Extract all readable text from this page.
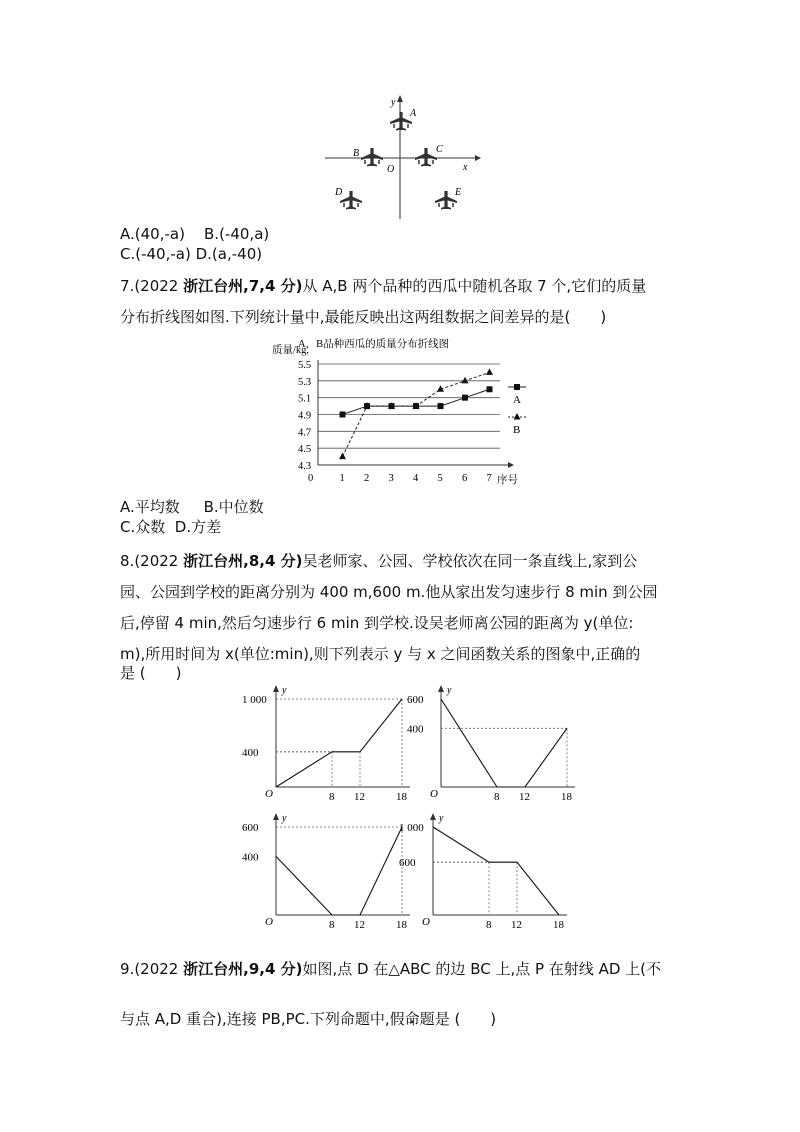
y
x
O
A
B	C
D	E
A.(40,-a) B.(-40,a)
C.(-40,-a) D.(a,-40)
7.(2022 浙江台州,7,4 分)从 A,B 两个品种的西瓜中随机各取 7 个,它们的质量
分布折线图如图.下列统计量中,最能反映出这两组数据之间差异的是(　　)
A，B品种西瓜的质量分布折线图
质量/kg,
4.3
4.5
4.7
4.9
5.1
5.3
5.5
0	1 2 3 4 5 6 7 序号
A
B
A.平均数 B.中位数
C.众数 D.方差
8.(2022 浙江台州,8,4 分)吴老师家、公园、学校依次在同一条直线上,家到公
园、公园到学校的距离分别为 400 m,600 m.他从家出发匀速步行 8 min 到公园
后,停留 4 min,然后匀速步行 6 min 到学校.设吴老师离公园的距离为 y(单位:
m),所用时间为 x(单位:min),则下列表示 y 与 x 之间函数关系的图象中,正确的
是 (　　)
y
O	8 12	18
400
1 000
y
O	8 12	18
400
600
y
O	8 12	18
400
600
y
O	8 12	18
600
1 000
9.(2022 浙江台州,9,4 分)如图,点 D 在△ABC 的边 BC 上,点 P 在射线 AD 上(不
与点 A,D 重合),连接 PB,PC.下列命题中,• 假命题是 (　　)
